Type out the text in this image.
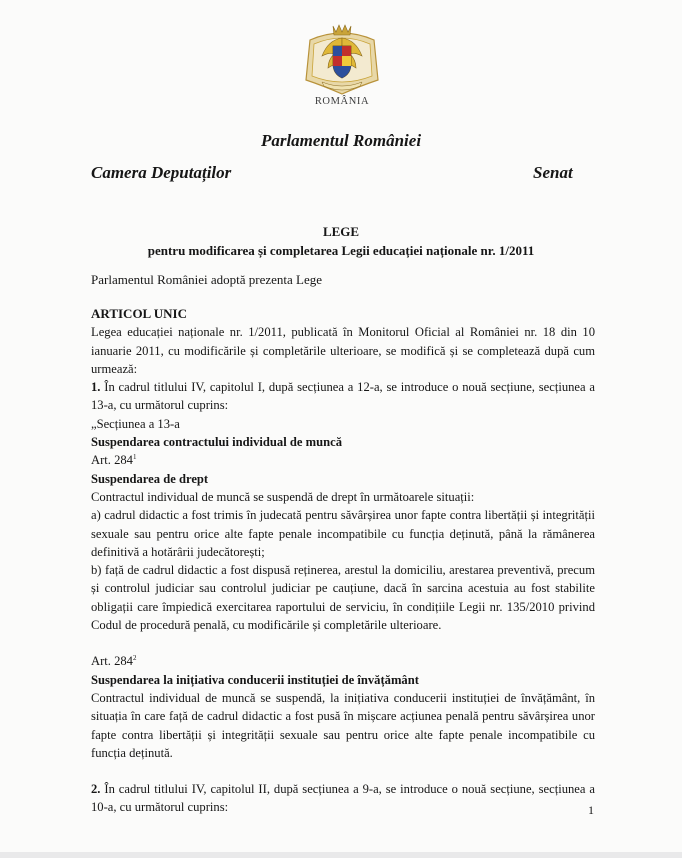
ROMÂNIA
Parlamentul României
Camera Deputaților	Senat
LEGE
pentru modificarea și completarea Legii educației naționale nr. 1/2011
Parlamentul României adoptă prezenta Lege

ARTICOL UNIC

Legea educației naționale nr. 1/2011, publicată în Monitorul Oficial al României nr. 18 din 10 ianuarie 2011, cu modificările și completările ulterioare, se modifică și se completează după cum urmează:

1. În cadrul titlului IV, capitolul I, după secțiunea a 12-a, se introduce o nouă secțiune, secțiunea a 13-a, cu următorul cuprins:

„Secțiunea a 13-a

Suspendarea contractului individual de muncă

Art. $284^1$

Suspendarea de drept

Contractul individual de muncă se suspendă de drept în următoarele situații:

a) cadrul didactic a fost trimis în judecată pentru săvârșirea unor fapte contra libertății și integrității sexuale sau pentru orice alte fapte penale incompatibile cu funcția deținută, până la rămânerea definitivă a hotărârii judecătorești;

b) față de cadrul didactic a fost dispusă reținerea, arestul la domiciliu, arestarea preventivă, precum și controlul judiciar sau controlul judiciar pe cauțiune, dacă în sarcina acestuia au fost stabilite obligații care împiedică exercitarea raportului de serviciu, în condițiile Legii nr. 135/2010 privind Codul de procedură penală, cu modificările și completările ulterioare.

Art. $284^2$

Suspendarea la inițiativa conducerii instituției de învățământ

Contractul individual de muncă se suspendă, la inițiativa conducerii instituției de învățământ, în situația în care față de cadrul didactic a fost pusă în mișcare acțiunea penală pentru săvârșirea unor fapte contra libertății și integrității sexuale sau pentru orice alte fapte penale incompatibile cu funcția deținută.

2. În cadrul titlului IV, capitolul II, după secțiunea a 9-a, se introduce o nouă secțiune, secțiunea a 10-a, cu următorul cuprins:	1
